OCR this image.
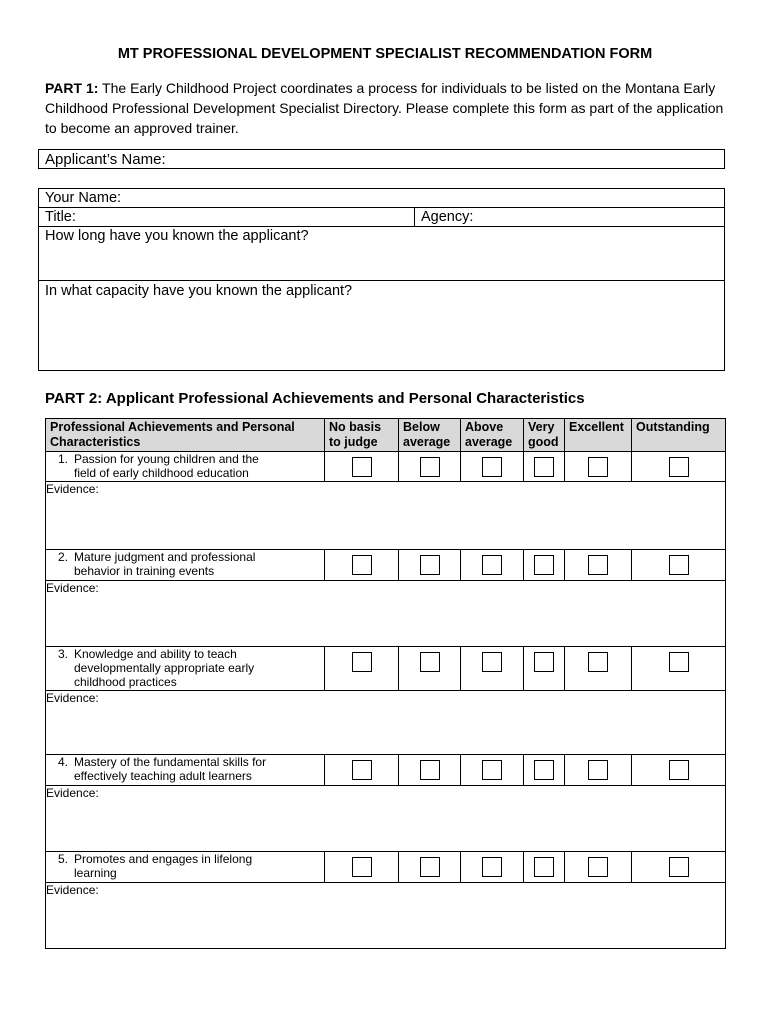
MT PROFESSIONAL DEVELOPMENT SPECIALIST RECOMMENDATION FORM
PART 1: The Early Childhood Project coordinates a process for individuals to be listed on the Montana Early Childhood Professional Development Specialist Directory. Please complete this form as part of the application to become an approved trainer.
Applicant’s Name:
Your Name:
Title:	Agency:
How long have you known the applicant?
In what capacity have you known the applicant?
PART 2: Applicant Professional Achievements and Personal Characteristics
Professional Achievements and Personal Characteristics	No basis to judge	Below average	Above average	Very good	Excellent	Outstanding
1. Passion for young children and the field of early childhood education						
Evidence:						
2. Mature judgment and professional behavior in training events						
Evidence:						
3. Knowledge and ability to teach developmentally appropriate early childhood practices						
Evidence:						
4. Mastery of the fundamental skills for effectively teaching adult learners						
Evidence:						
5. Promotes and engages in lifelong learning						
Evidence:						
